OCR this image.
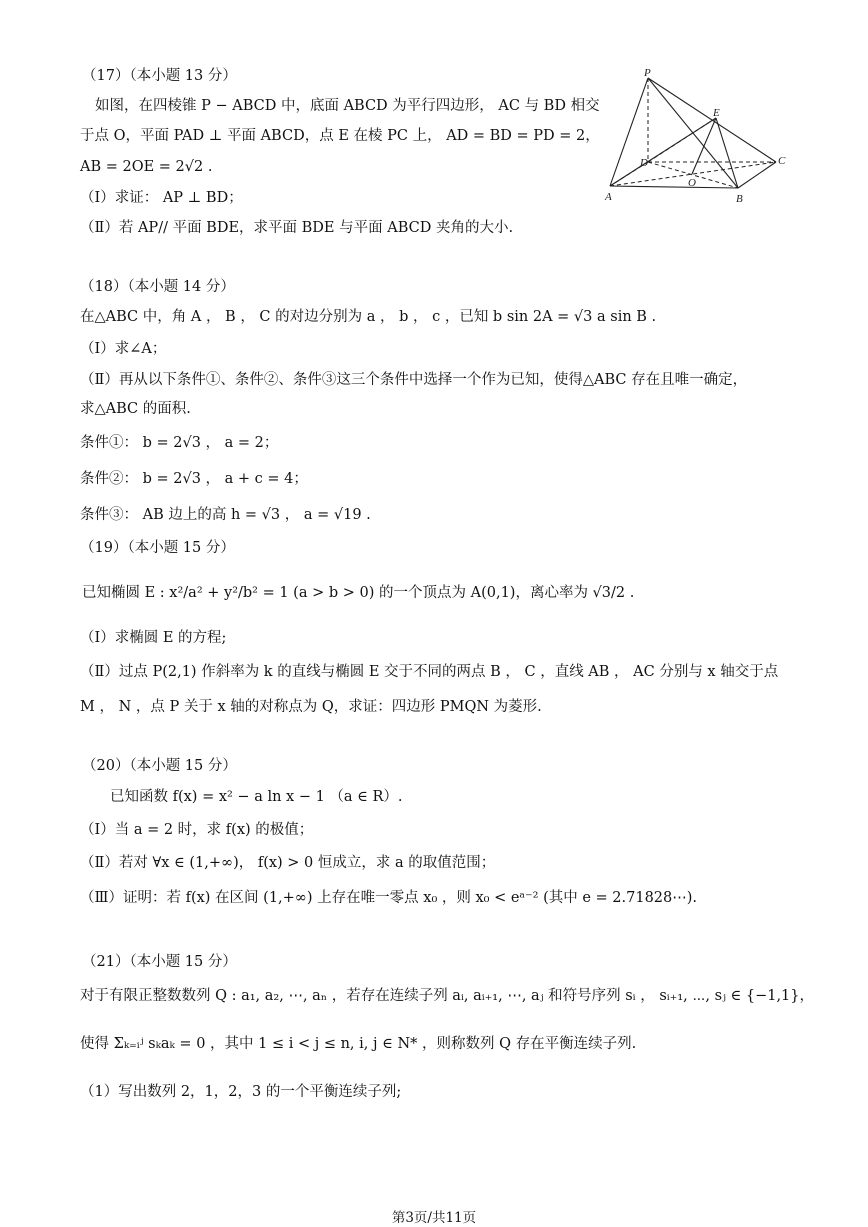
（17）（本小题 13 分）
如图，在四棱锥 P − ABCD 中，底面 ABCD 为平行四边形， AC 与 BD 相交
于点 O，平面 PAD ⊥ 平面 ABCD，点 E 在棱 PC 上， AD = BD = PD = 2，
AB = 2OE = 2√2 .
（Ⅰ）求证： AP ⊥ BD；
（Ⅱ）若 AP// 平面 BDE，求平面 BDE 与平面 ABCD 夹角的大小.
P
A	B
C
D
E
O
（18）（本小题 14 分）
在△ABC 中，角 A ， B ， C 的对边分别为 a ， b ， c ，已知 b sin 2A = √3 a sin B .
（Ⅰ）求∠A；
（Ⅱ）再从以下条件①、条件②、条件③这三个条件中选择一个作为已知，使得△ABC 存在且唯一确定，
求△ABC 的面积.
条件①： b = 2√3 ， a = 2；
条件②： b = 2√3 ， a + c = 4；
条件③： AB 边上的高 h = √3 ， a = √19 .
（19）（本小题 15 分）
已知椭圆 E : x²/a² + y²/b² = 1 (a > b > 0) 的一个顶点为 A(0,1)，离心率为 √3/2 .
（Ⅰ）求椭圆 E 的方程;
（Ⅱ）过点 P(2,1) 作斜率为 k 的直线与椭圆 E 交于不同的两点 B ， C ，直线 AB ， AC 分别与 x 轴交于点
M ， N ，点 P 关于 x 轴的对称点为 Q，求证：四边形 PMQN 为菱形.
（20）（本小题 15 分）
已知函数 f(x) = x² − a ln x − 1 （a ∈ R）.
（Ⅰ）当 a = 2 时，求 f(x) 的极值；
（Ⅱ）若对 ∀x ∈ (1,+∞)， f(x) > 0 恒成立，求 a 的取值范围；
（Ⅲ）证明：若 f(x) 在区间 (1,+∞) 上存在唯一零点 x₀ ，则 x₀ < eᵃ⁻² (其中 e = 2.71828⋯).
（21）（本小题 15 分）
对于有限正整数数列 Q : a₁, a₂, ⋯, aₙ ，若存在连续子列 aᵢ, aᵢ₊₁, ⋯, aⱼ 和符号序列 sᵢ ， sᵢ₊₁, ⋯, sⱼ ∈ {−1,1}，
使得 Σₖ₌ᵢʲ sₖaₖ = 0 ，其中 1 ≤ i < j ≤ n, i, j ∈ N* ，则称数列 Q 存在平衡连续子列.
（1）写出数列 2，1，2，3 的一个平衡连续子列;
第3页/共11页
